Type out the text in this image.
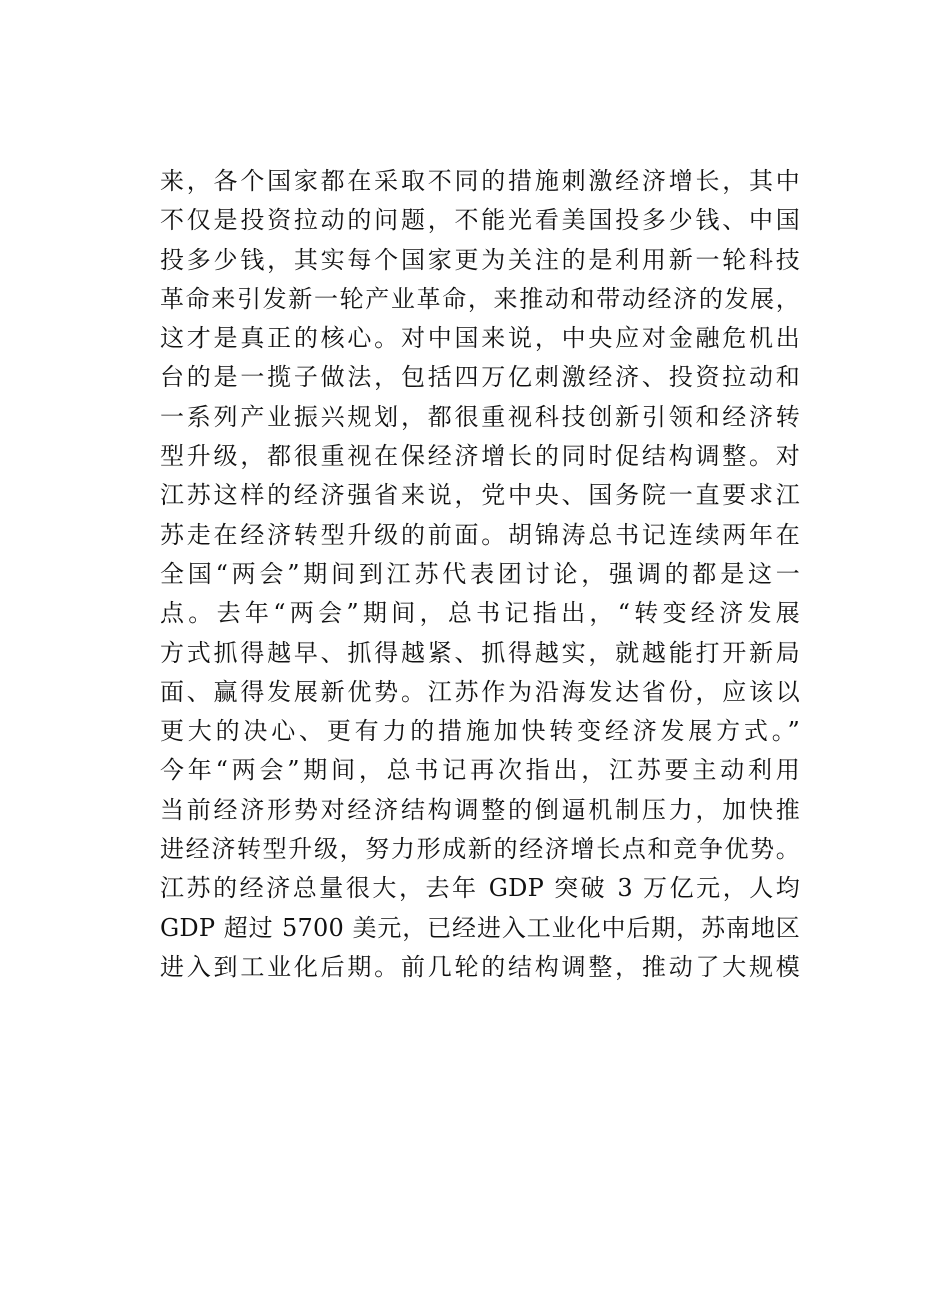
来，各个国家都在采取不同的措施刺激经济增长，其中
不仅是投资拉动的问题，不能光看美国投多少钱、中国
投多少钱，其实每个国家更为关注的是利用新一轮科技
革命来引发新一轮产业革命，来推动和带动经济的发展，
这才是真正的核心。对中国来说，中央应对金融危机出
台的是一揽子做法，包括四万亿刺激经济、投资拉动和
一系列产业振兴规划，都很重视科技创新引领和经济转
型升级，都很重视在保经济增长的同时促结构调整。对
江苏这样的经济强省来说，党中央、国务院一直要求江
苏走在经济转型升级的前面。胡锦涛总书记连续两年在
全国“两会”期间到江苏代表团讨论，强调的都是这一
点。去年“两会”期间，总书记指出，“转变经济发展
方式抓得越早、抓得越紧、抓得越实，就越能打开新局
面、赢得发展新优势。江苏作为沿海发达省份，应该以
更大的决心、更有力的措施加快转变经济发展方式。”
今年“两会”期间，总书记再次指出，江苏要主动利用
当前经济形势对经济结构调整的倒逼机制压力，加快推
进经济转型升级，努力形成新的经济增长点和竞争优势。
江苏的经济总量很大，去年 GDP 突破 3 万亿元，人均
GDP 超过 5700 美元，已经进入工业化中后期，苏南地区
进入到工业化后期。前几轮的结构调整，推动了大规模
